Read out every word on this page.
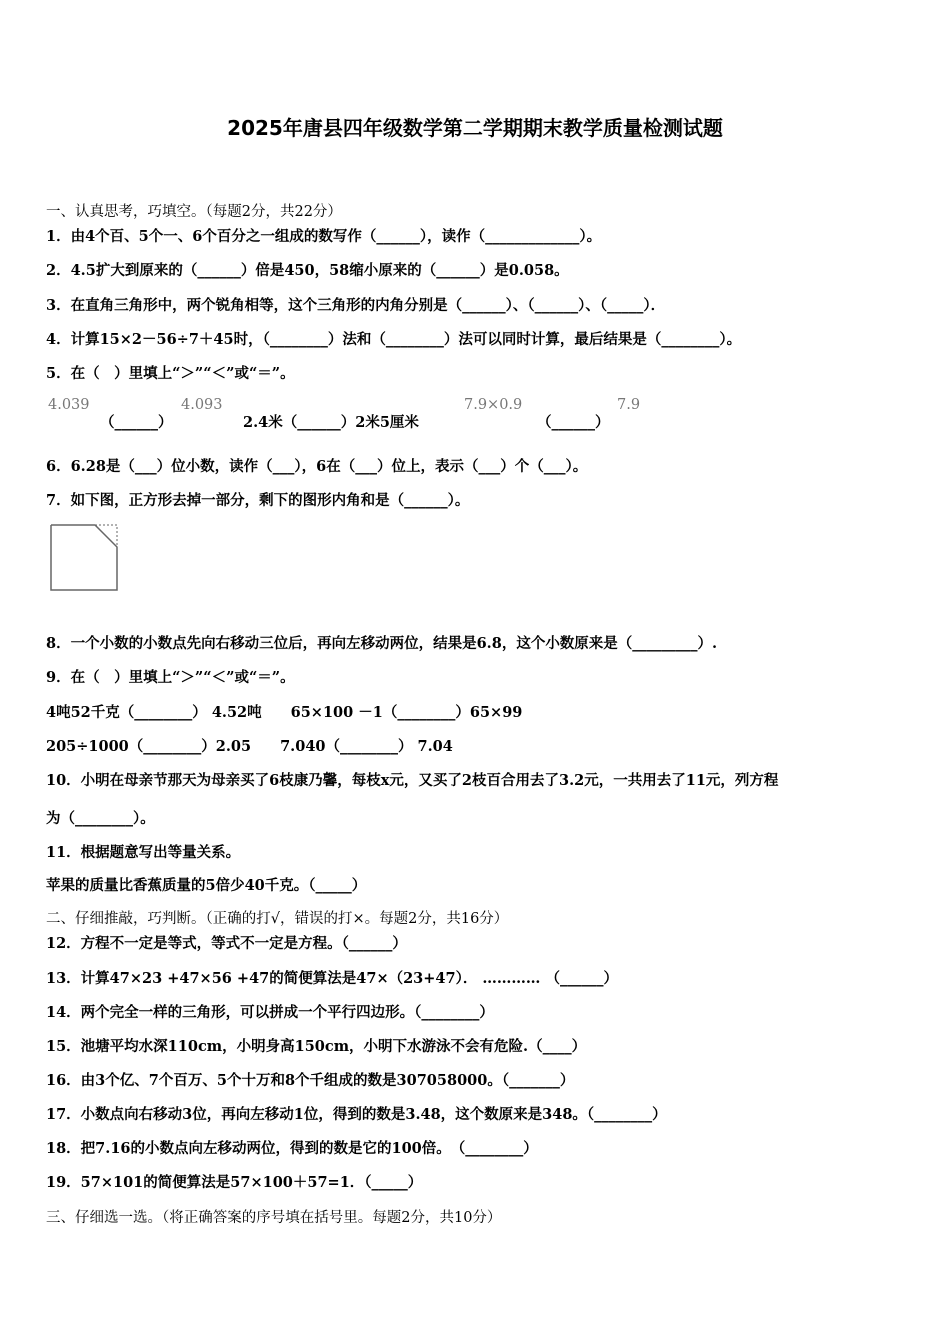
2025年唐县四年级数学第二学期期末教学质量检测试题
一、认真思考，巧填空。（每题2分，共22分）
1．由4个百、5个一、6个百分之一组成的数写作（______），读作（_____________）。
2．4.5扩大到原来的（______）倍是450，58缩小原来的（______）是0.058。
3．在直角三角形中，两个锐角相等，这个三角形的内角分别是（______）、（______）、（_____）．
4．计算15×2－56÷7＋45时，（________）法和（________）法可以同时计算，最后结果是（________）。
5．在（　）里填上“＞”“＜”或“＝”。
4.039
（______）
4.093
2.4米（______）2米5厘米
7.9×0.9
（______）
7.9
6．6.28是（___）位小数，读作（___），6在（___）位上，表示（___）个（___）。
7．如下图，正方形去掉一部分，剩下的图形内角和是（______）。
8．一个小数的小数点先向右移动三位后，再向左移动两位，结果是6.8，这个小数原来是（_________）.
9．在（　）里填上“＞”“＜”或“＝”。
4吨52千克（________） 4.52吨　　65×100 －1（________）65×99
205÷1000（________）2.05　　7.040（________） 7.04
10．小明在母亲节那天为母亲买了6枝康乃馨，每枝x元，又买了2枝百合用去了3.2元，一共用去了11元，列方程
为（________）。
11．根据题意写出等量关系。
苹果的质量比香蕉质量的5倍少40千克。（_____）
二、仔细推敲，巧判断。（正确的打√，错误的打×。每题2分，共16分）
12．方程不一定是等式，等式不一定是方程。（______）
13．计算47×23 +47×56 +47的简便算法是47×（23+47）． ………… （______）
14．两个完全一样的三角形，可以拼成一个平行四边形。（________）
15．池塘平均水深110cm，小明身高150cm，小明下水游泳不会有危险.（____）
16．由3个亿、7个百万、5个十万和8个千组成的数是307058000。（_______）
17．小数点向右移动3位，再向左移动1位，得到的数是3.48，这个数原来是348。（________）
18．把7.16的小数点向左移动两位，得到的数是它的100倍。　（________）
19．57×101的简便算法是57×100＋57=1．（_____）
三、仔细选一选。（将正确答案的序号填在括号里。每题2分，共10分）
